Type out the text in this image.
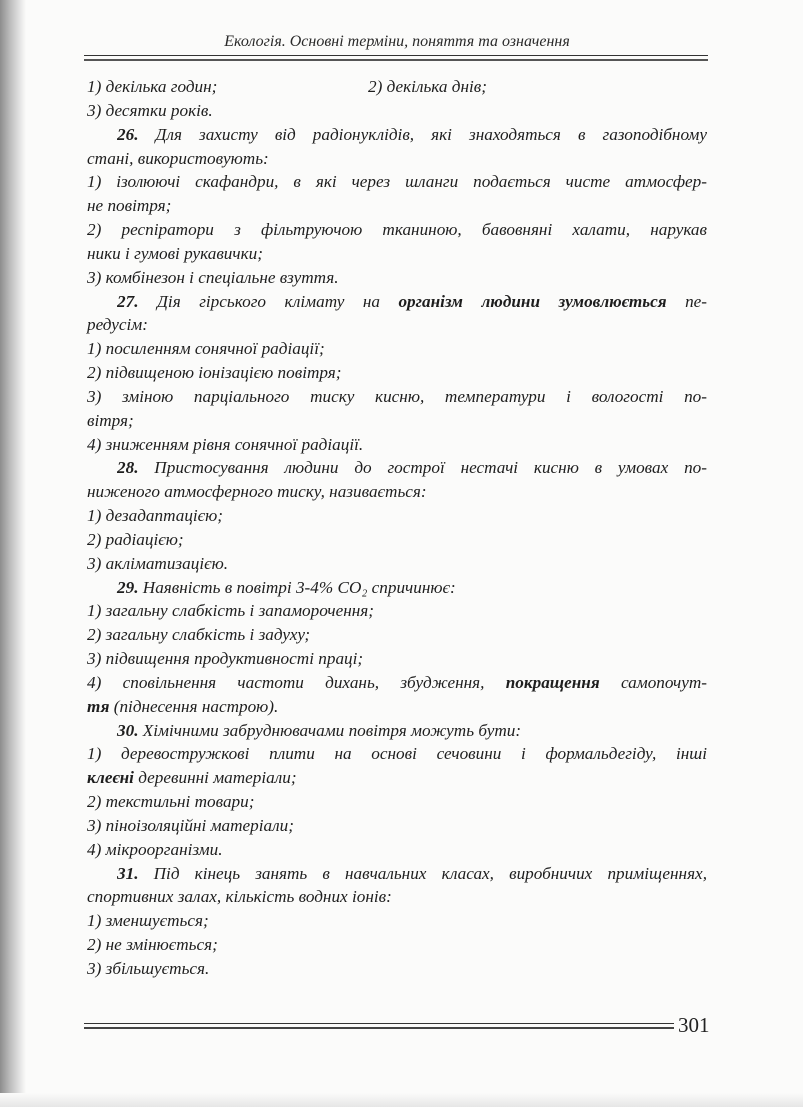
Екологія. Основні терміни, поняття та означення
1) декілька годин;	2) декілька днів;
3) десятки років.
26. Для захисту від радіонуклідів, які знаходяться в газоподібному
стані, використовують:
1) ізолюючі скафандри, в які через шланги подається чисте атмосфер-
не повітря;
2) респіратори з фільтруючою тканиною, бавовняні халати, нарукав
ники і гумові рукавички;
3) комбінезон і спеціальне взуття.
27. Дія гірського клімату на організм людини зумовлюється пе-
редусім:
1) посиленням сонячної радіації;
2) підвищеною іонізацією повітря;
3) зміною парціального тиску кисню, температури і вологості по-
вітря;
4) зниженням рівня сонячної радіації.
28. Пристосування людини до гострої нестачі кисню в умовах по-
ниженого атмосферного тиску, називається:
1) дезадаптацією;
2) радіацією;
3) акліматизацією.
29. Наявність в повітрі 3-4% CO₂ спричинює:
1) загальну слабкість і запаморочення;
2) загальну слабкість і задуху;
3) підвищення продуктивності праці;
4) сповільнення частоти дихань, збудження, покращення самопочут-
тя (піднесення настрою).
30. Хімічними забруднювачами повітря можуть бути:
1) деревостружкові плити на основі сечовини і формальдегіду, інші
клеєні деревинні матеріали;
2) текстильні товари;
3) піноізоляційні матеріали;
4) мікроорганізми.
31. Під кінець занять в навчальних класах, виробничих приміщеннях,
спортивних залах, кількість водних іонів:
1) зменшується;
2) не змінюється;
3) збільшується.
301
